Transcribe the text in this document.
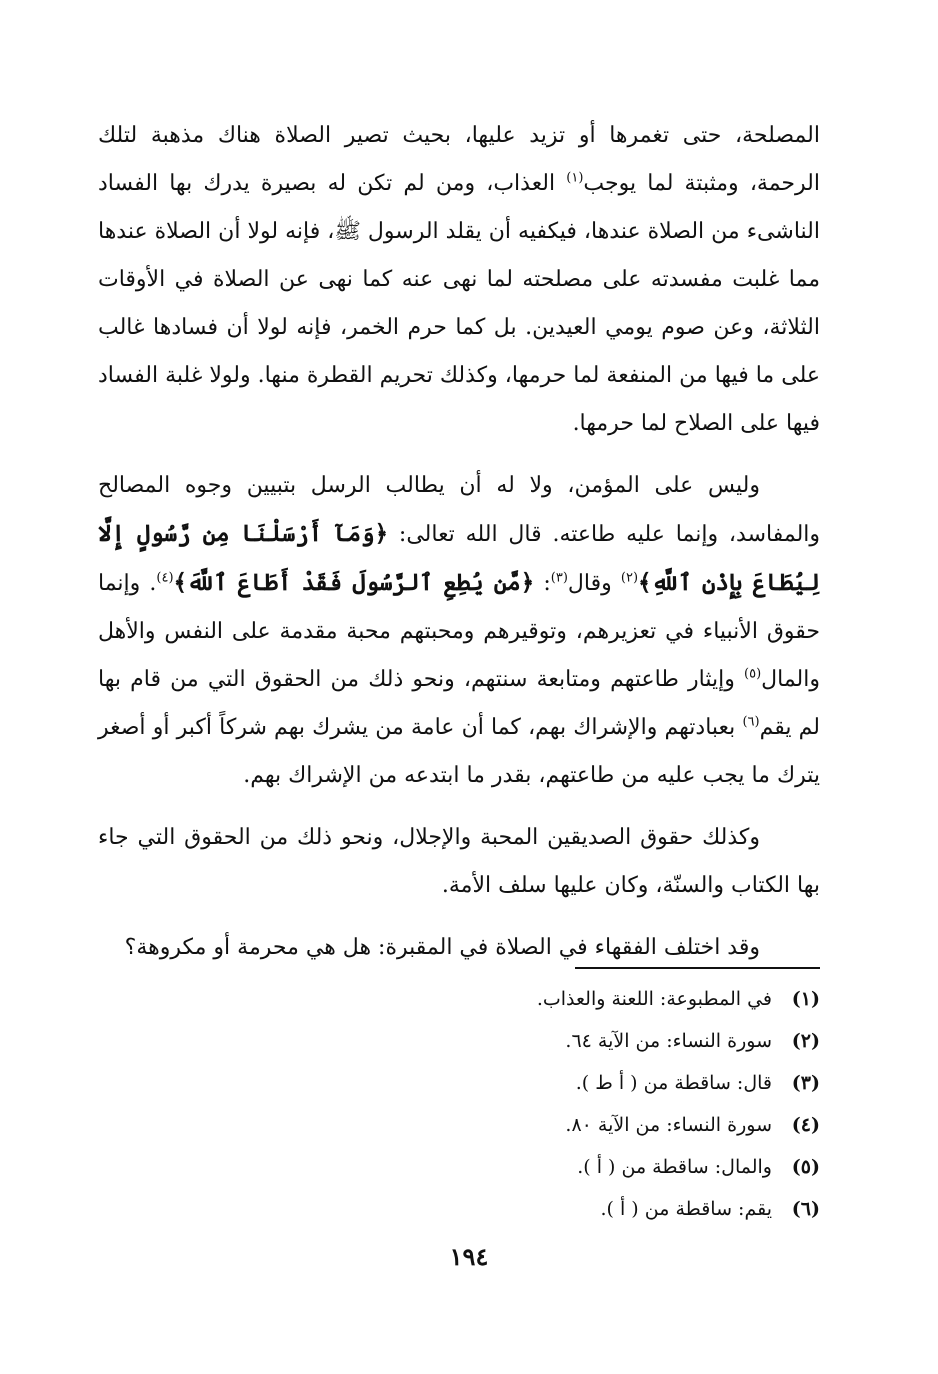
المصلحة، حتى تغمرها أو تزيد عليها، بحيث تصير الصلاة هناك مذهبة لتلك الرحمة، ومثبتة لما يوجب$^{(١)}$ العذاب، ومن لم تكن له بصيرة يدرك بها الفساد الناشىء من الصلاة عندها، فيكفيه أن يقلد الرسول ﷺ، فإنه لولا أن الصلاة عندها مما غلبت مفسدته على مصلحته لما نهى عنه كما نهى عن الصلاة في الأوقات الثلاثة، وعن صوم يومي العيدين. بل كما حرم الخمر، فإنه لولا أن فسادها غالب على ما فيها من المنفعة لما حرمها، وكذلك تحريم القطرة منها. ولولا غلبة الفساد فيها على الصلاح لما حرمها.

وليس على المؤمن، ولا له أن يطالب الرسل بتبيين وجوه المصالح والمفاسد، وإنما عليه طاعته. قال الله تعالى: ﴿وَمَآ أَرْسَلْنَا مِن رَّسُولٍ إِلَّا لِيُطَاعَ بِإِذْنِ ٱللَّهِ﴾$^{(٢)}$ وقال$^{(٣)}$: ﴿مَّن يُطِعِ ٱلرَّسُولَ فَقَدْ أَطَاعَ ٱللَّهَ﴾$^{(٤)}$. وإنما حقوق الأنبياء في تعزيرهم، وتوقيرهم ومحبتهم محبة مقدمة على النفس والأهل والمال$^{(٥)}$ وإيثار طاعتهم ومتابعة سنتهم، ونحو ذلك من الحقوق التي من قام بها لم يقم$^{(٦)}$ بعبادتهم والإشراك بهم، كما أن عامة من يشرك بهم شركاً أكبر أو أصغر يترك ما يجب عليه من طاعتهم، بقدر ما ابتدعه من الإشراك بهم.

وكذلك حقوق الصديقين المحبة والإجلال، ونحو ذلك من الحقوق التي جاء بها الكتاب والسنّة، وكان عليها سلف الأمة.

وقد اختلف الفقهاء في الصلاة في المقبرة: هل هي محرمة أو مكروهة؟

(١)
في المطبوعة: اللعنة والعذاب.
(٢)
سورة النساء: من الآية ٦٤.
(٣)
قال: ساقطة من ( أ ط ).
(٤)
سورة النساء: من الآية ٨٠.
(٥)
والمال: ساقطة من ( أ ).
(٦)
يقم: ساقطة من ( أ ).
١٩٤
